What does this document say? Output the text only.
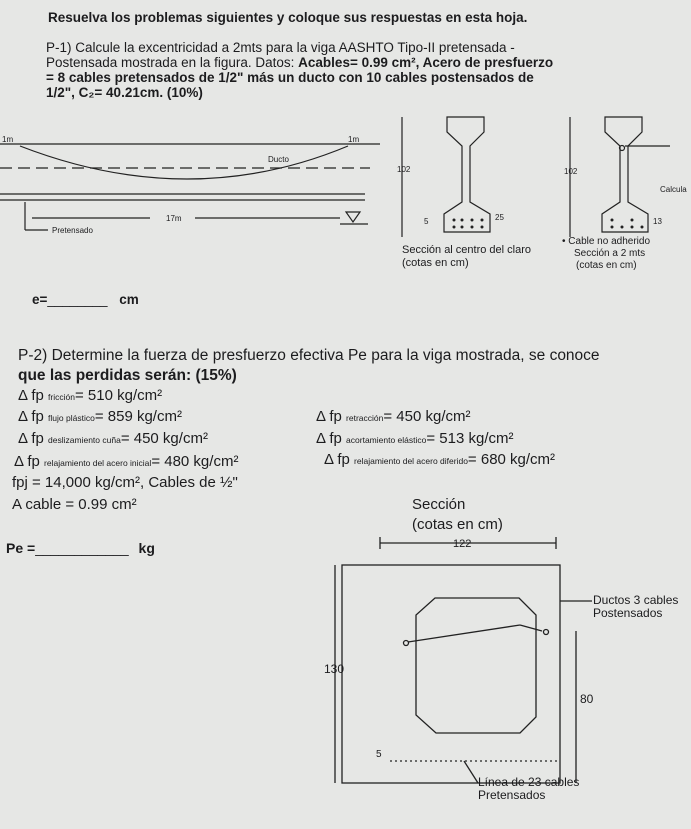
Resuelva los problemas siguientes y coloque sus respuestas en esta hoja.
P-1) Calcule la excentricidad a 2mts para la viga AASHTO Tipo-II pretensada -
Postensada mostrada en la figura. Datos: Acables= 0.99 cm², Acero de presfuerzo
= 8 cables pretensados de 1/2" más un ducto con 10 cables postensados de
1/2", C₂= 40.21cm. (10%)
1m	1m
Ducto
17m
Pretensado
102
25
5
Sección al centro del claro
(cotas en cm)
102
Calcula
13
• Cable no adherido
Sección a 2 mts
(cotas en cm)
e=________ cm
P-2) Determine la fuerza de presfuerzo efectiva Pe para la viga mostrada, se conoce
que las perdidas serán: (15%)
Δ fp fricción= 510 kg/cm²
Δ fp flujo plástico= 859 kg/cm²	Δ fp retracción= 450 kg/cm²
Δ fp deslizamiento cuña= 450 kg/cm²	Δ fp acortamiento elástico= 513 kg/cm²
Δ fp relajamiento del acero inicial= 480 kg/cm²	Δ fp relajamiento del acero diferido= 680 kg/cm²
fpj = 14,000 kg/cm², Cables de ½"
A cable = 0.99 cm²
Pe =____________ kg
Sección
(cotas en cm)
122
130
80
5
Ductos 3 cables
Postensados
Línea de 23 cables
Pretensados
